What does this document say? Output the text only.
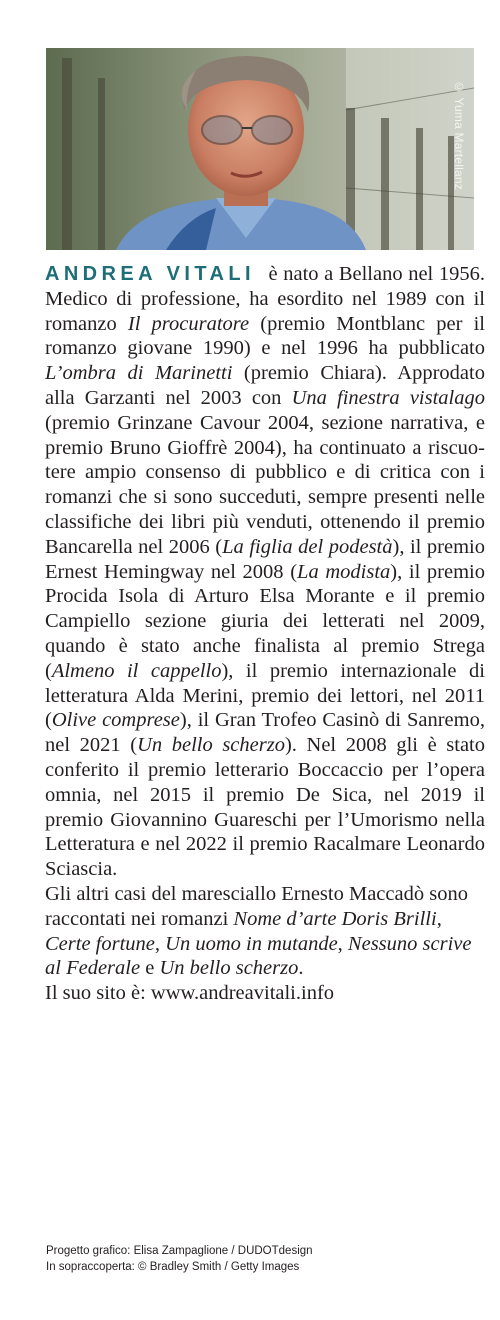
© Yuma Martellanz

ANDREA VITALI è nato a Bellano nel 1956. Medico di professione, ha esordito nel 1989 con il romanzo Il procuratore (premio Montblanc per il romanzo giovane 1990) e nel 1996 ha pubblicato L’ombra di Marinetti (premio Chiara). Approdato alla Garzanti nel 2003 con Una finestra vistalago (premio Grinzane Cavour 2004, sezione narrativa, e premio Bruno Gioffrè 2004), ha continuato a riscuotere ampio consenso di pubblico e di critica con i romanzi che si sono succeduti, sempre presenti nelle classifiche dei libri più venduti, ottenendo il premio Bancarella nel 2006 (La figlia del podestà), il premio Ernest Hemingway nel 2008 (La modista), il premio Procida Isola di Arturo Elsa Morante e il premio Campiello sezione giuria dei letterati nel 2009, quando è stato anche finalista al premio Strega (Almeno il cappello), il premio internazionale di letteratura Alda Merini, premio dei lettori, nel 2011 (Olive compresе), il Gran Trofeo Casinò di Sanremo, nel 2021 (Un bello scherzo). Nel 2008 gli è stato conferito il premio letterario Boccaccio per l’opera omnia, nel 2015 il premio De Sica, nel 2019 il premio Giovannino Guareschi per l’Umorismo nella Letteratura e nel 2022 il premio Racalmare Leonardo Sciascia.

Gli altri casi del maresciallo Ernesto Maccadò sono raccontati nei romanzi Nome d’arte Doris Brilli, Certe fortune, Un uomo in mutande, Nessuno scrive al Federale e Un bello scherzo.

Il suo sito è: www.andreavitali.info

Progetto grafico: Elisa Zampaglione / DUDOTdesign
In sopraccoperta: © Bradley Smith / Getty Images
